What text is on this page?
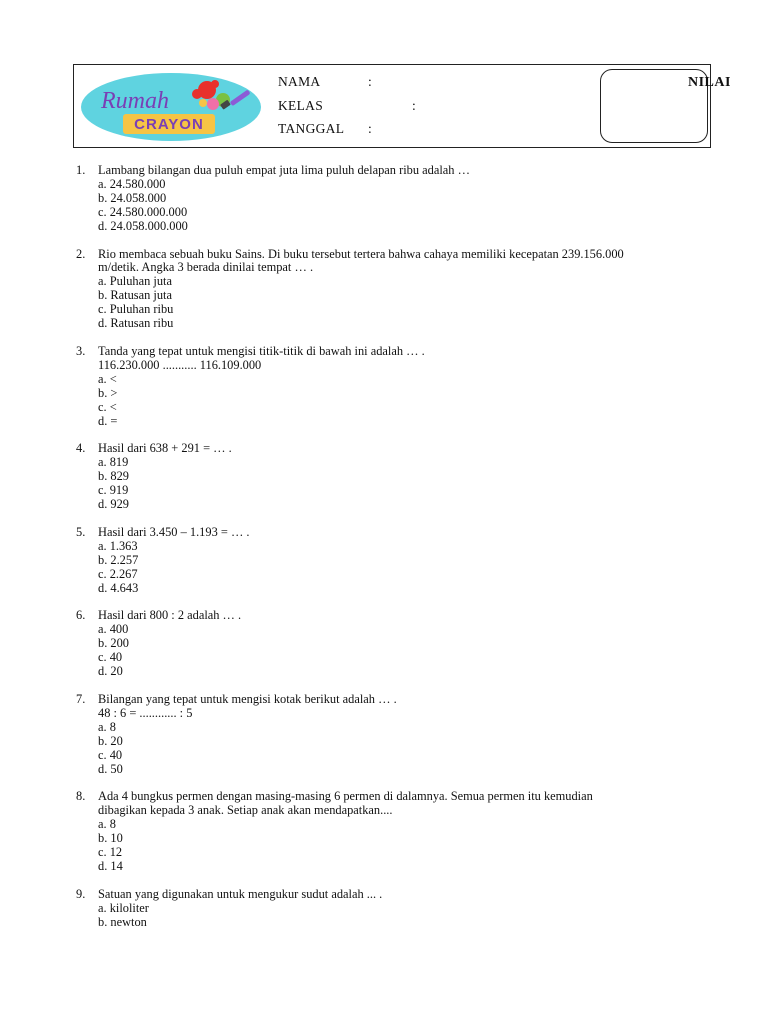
Rumah
CRAYON
NAMA	:
KELAS	:
TANGGAL :
NILAI
1. Lambang bilangan dua puluh empat juta lima puluh delapan ribu adalah …
a. 24.580.000
b. 24.058.000
c. 24.580.000.000
d. 24.058.000.000
2. Rio membaca sebuah buku Sains. Di buku tersebut tertera bahwa cahaya memiliki kecepatan 239.156.000
m/detik. Angka 3 berada dinilai tempat … .
a. Puluhan juta
b. Ratusan juta
c. Puluhan ribu
d. Ratusan ribu
3. Tanda yang tepat untuk mengisi titik-titik di bawah ini adalah … .
116.230.000 ........... 116.109.000
a. <
b. >
c. <
d. =
4. Hasil dari 638 + 291 = … .
a. 819
b. 829
c. 919
d. 929
5. Hasil dari 3.450 – 1.193 = … .
a. 1.363
b. 2.257
c. 2.267
d. 4.643
6. Hasil dari 800 : 2 adalah … .
a. 400
b. 200
c. 40
d. 20
7. Bilangan yang tepat untuk mengisi kotak berikut adalah … .
48 : 6 = ............ : 5
a. 8
b. 20
c. 40
d. 50
8. Ada 4 bungkus permen dengan masing-masing 6 permen di dalamnya. Semua permen itu kemudian
dibagikan kepada 3 anak. Setiap anak akan mendapatkan....
a. 8
b. 10
c. 12
d. 14
9. Satuan yang digunakan untuk mengukur sudut adalah ... .
a. kiloliter
b. newton
